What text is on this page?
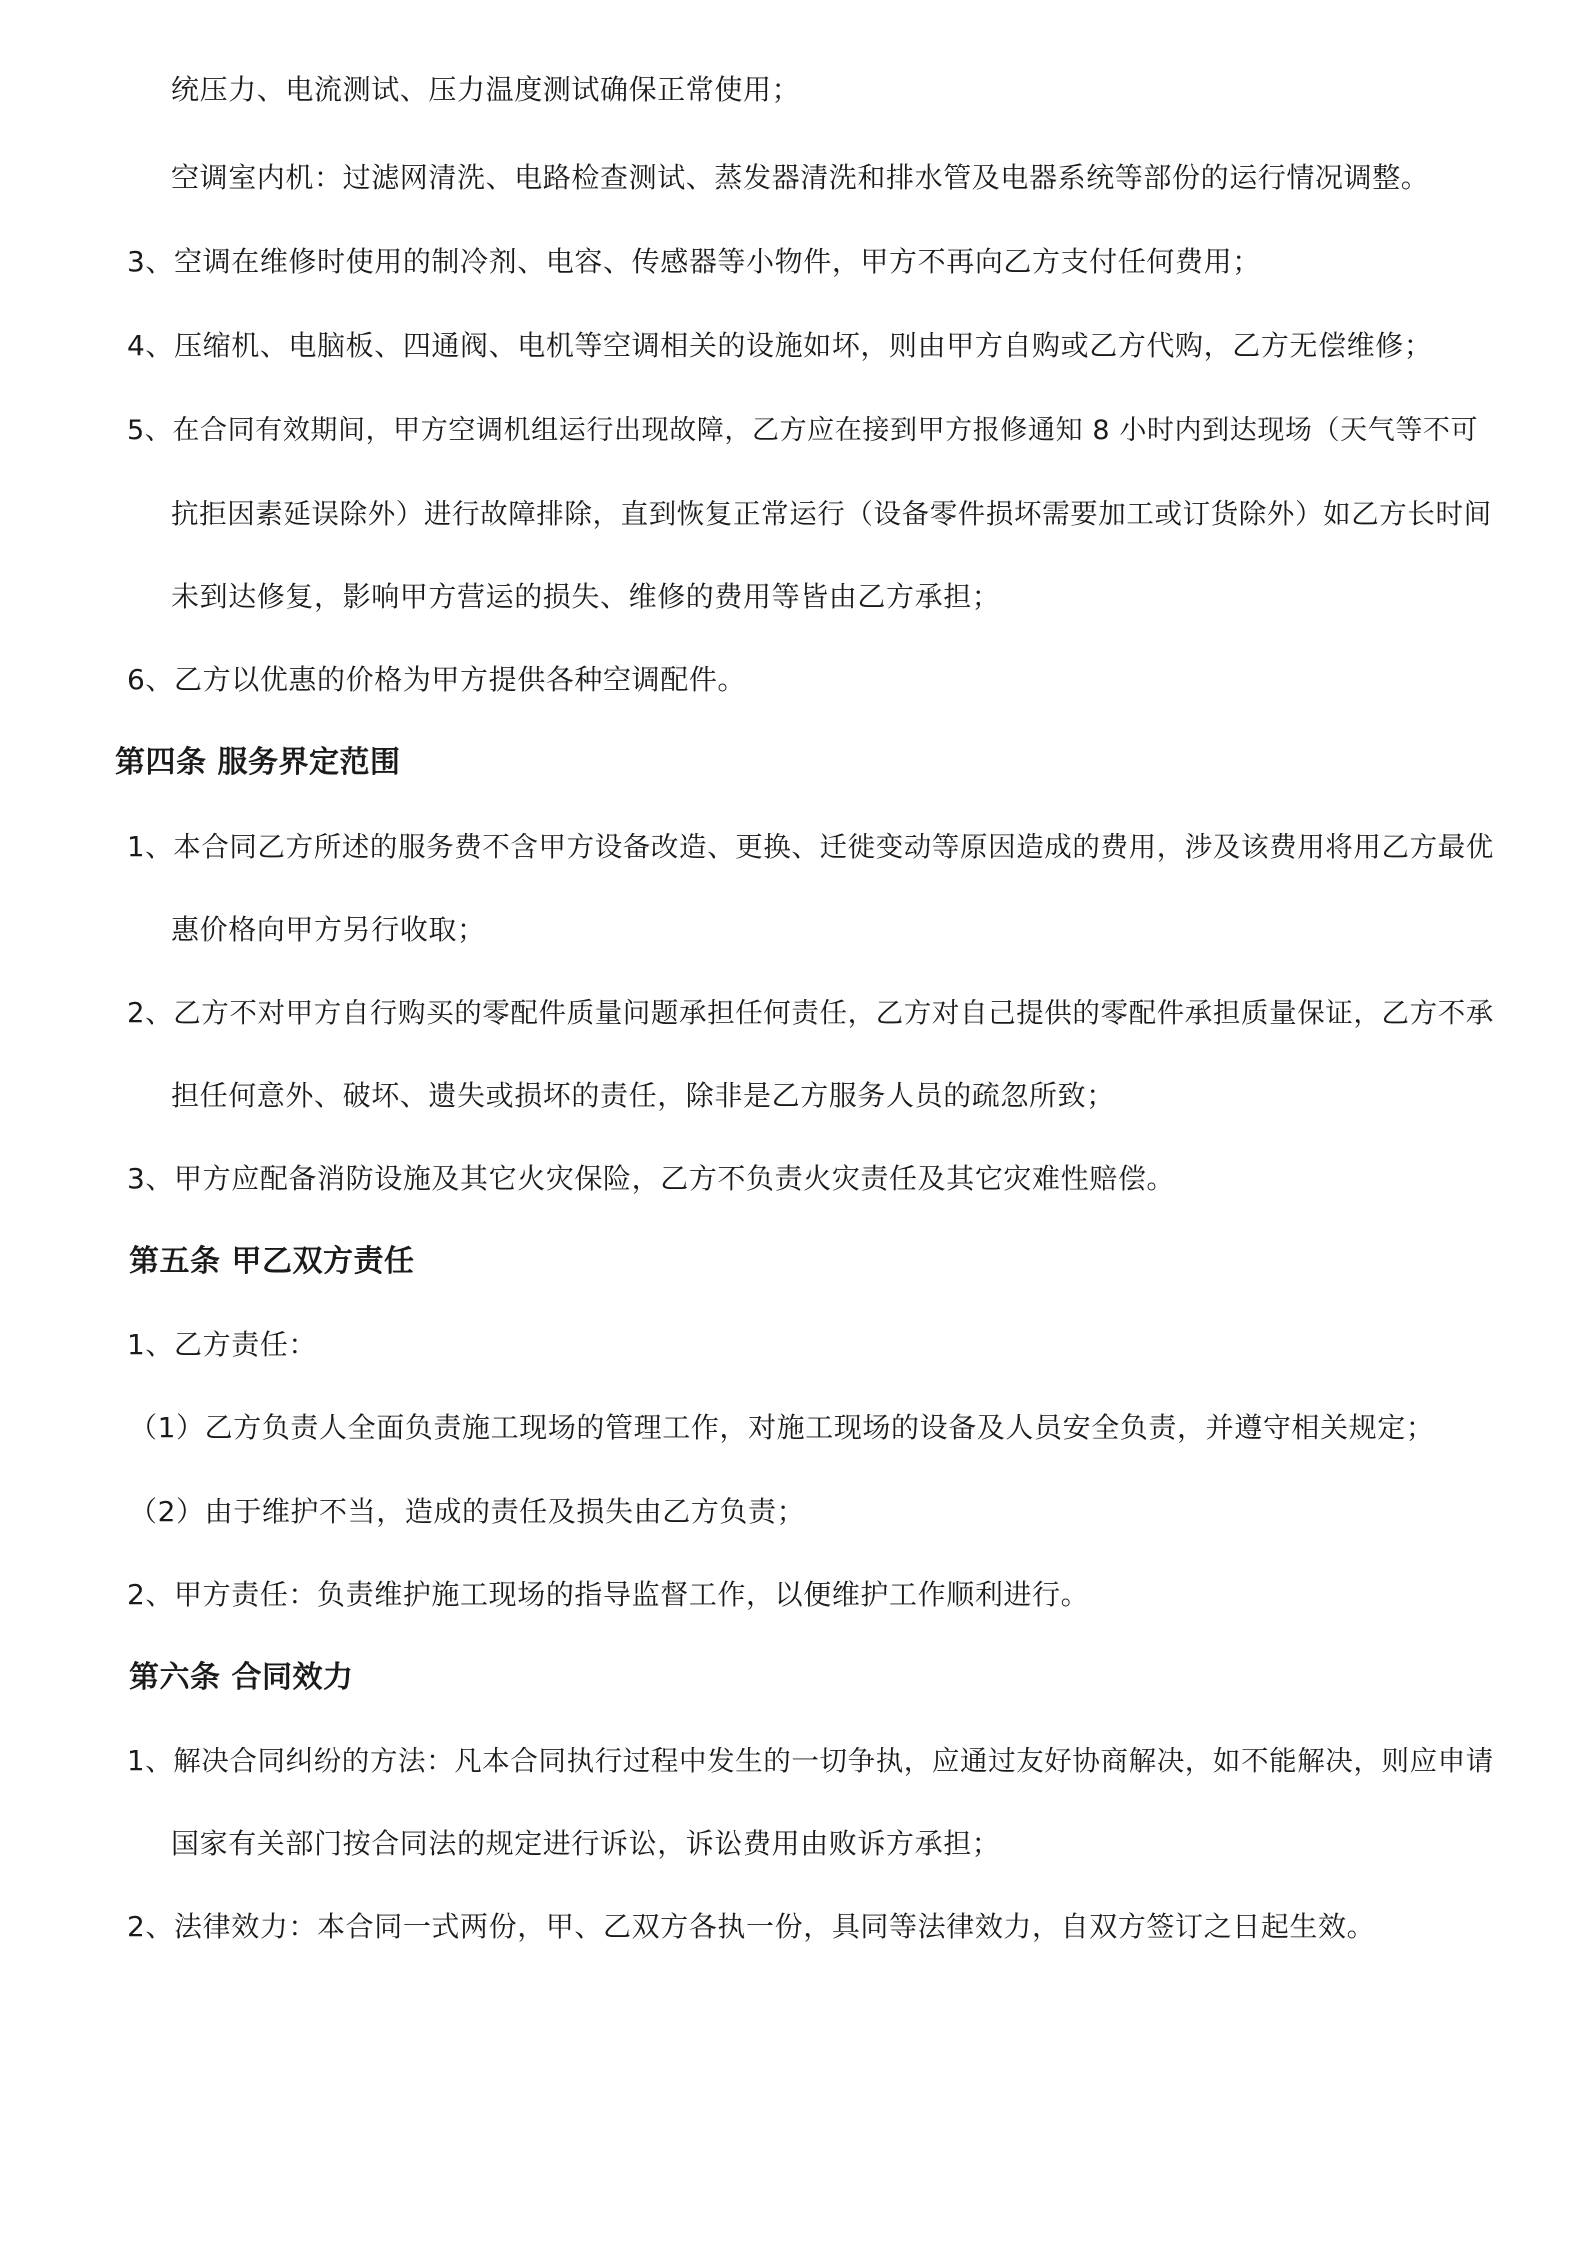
统压力、电流测试、压力温度测试确保正常使用；
空调室内机：过滤网清洗、电路检查测试、蒸发器清洗和排水管及电器系统等部份的运行情况调整。
3、空调在维修时使用的制冷剂、电容、传感器等小物件，甲方不再向乙方支付任何费用；
4、压缩机、电脑板、四通阀、电机等空调相关的设施如坏，则由甲方自购或乙方代购，乙方无偿维修；
5、在合同有效期间，甲方空调机组运行出现故障，乙方应在接到甲方报修通知 8 小时内到达现场（天气等不可
抗拒因素延误除外）进行故障排除，直到恢复正常运行（设备零件损坏需要加工或订货除外）如乙方长时间
未到达修复，影响甲方营运的损失、维修的费用等皆由乙方承担；
6、乙方以优惠的价格为甲方提供各种空调配件。
第四条 服务界定范围
1、本合同乙方所述的服务费不含甲方设备改造、更换、迁徙变动等原因造成的费用，涉及该费用将用乙方最优
惠价格向甲方另行收取；
2、乙方不对甲方自行购买的零配件质量问题承担任何责任，乙方对自己提供的零配件承担质量保证，乙方不承
担任何意外、破坏、遗失或损坏的责任，除非是乙方服务人员的疏忽所致；
3、甲方应配备消防设施及其它火灾保险，乙方不负责火灾责任及其它灾难性赔偿。
第五条 甲乙双方责任
1、乙方责任：
（1）乙方负责人全面负责施工现场的管理工作，对施工现场的设备及人员安全负责，并遵守相关规定；
（2）由于维护不当，造成的责任及损失由乙方负责；
2、甲方责任：负责维护施工现场的指导监督工作，以便维护工作顺利进行。
第六条 合同效力
1、解决合同纠纷的方法：凡本合同执行过程中发生的一切争执，应通过友好协商解决，如不能解决，则应申请
国家有关部门按合同法的规定进行诉讼，诉讼费用由败诉方承担；
2、法律效力：本合同一式两份，甲、乙双方各执一份，具同等法律效力，自双方签订之日起生效。
